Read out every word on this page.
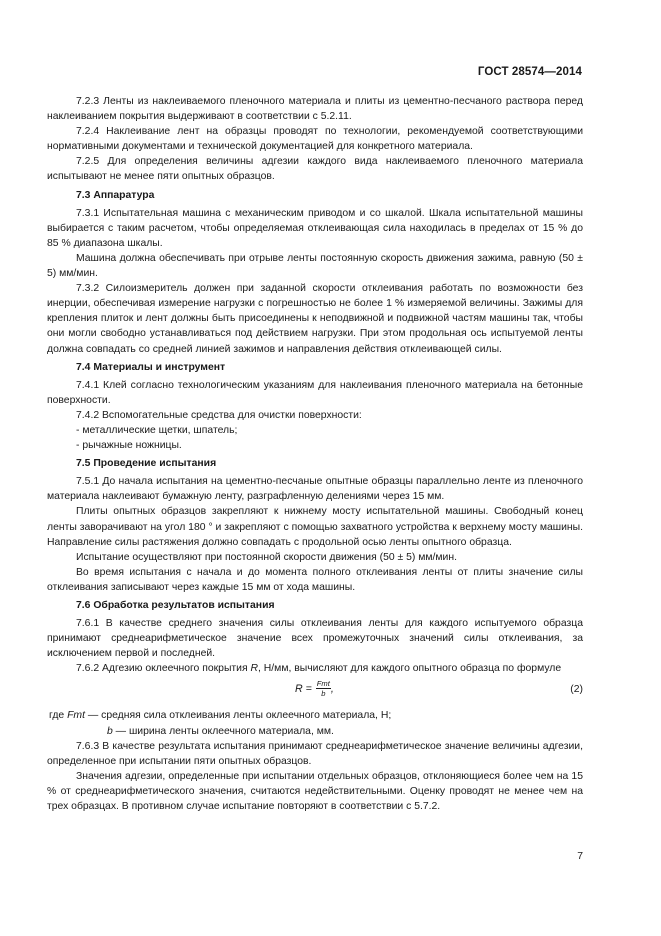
ГОСТ 28574—2014

7.2.3 Ленты из наклеиваемого пленочного материала и плиты из цементно-песчаного раствора перед наклеиванием покрытия выдерживают в соответствии с 5.2.11.

7.2.4 Наклеивание лент на образцы проводят по технологии, рекомендуемой соответствующими нормативными документами и технической документацией для конкретного материала.

7.2.5 Для определения величины адгезии каждого вида наклеиваемого пленочного материала испытывают не менее пяти опытных образцов.

7.3 Аппаратура

7.3.1 Испытательная машина с механическим приводом и со шкалой. Шкала испытательной машины выбирается с таким расчетом, чтобы определяемая отклеивающая сила находилась в пределах от 15 % до 85 % диапазона шкалы.

Машина должна обеспечивать при отрыве ленты постоянную скорость движения зажима, равную (50 ± 5) мм/мин.

7.3.2 Силоизмеритель должен при заданной скорости отклеивания работать по возможности без инерции, обеспечивая измерение нагрузки с погрешностью не более 1 % измеряемой величины. Зажимы для крепления плиток и лент должны быть присоединены к неподвижной и подвижной частям машины так, чтобы они могли свободно устанавливаться под действием нагрузки. При этом продольная ось испытуемой ленты должна совпадать со средней линией зажимов и направления действия отклеивающей силы.

7.4 Материалы и инструмент

7.4.1 Клей согласно технологическим указаниям для наклеивания пленочного материала на бетонные поверхности.

7.4.2 Вспомогательные средства для очистки поверхности:

- металлические щетки, шпатель;

- рычажные ножницы.

7.5 Проведение испытания

7.5.1 До начала испытания на цементно-песчаные опытные образцы параллельно ленте из пленочного материала наклеивают бумажную ленту, разграфленную делениями через 15 мм.

Плиты опытных образцов закрепляют к нижнему мосту испытательной машины. Свободный конец ленты заворачивают на угол 180 ° и закрепляют с помощью захватного устройства к верхнему мосту машины. Направление силы растяжения должно совпадать с продольной осью ленты опытного образца.

Испытание осуществляют при постоянной скорости движения (50 ± 5) мм/мин.

Во время испытания с начала и до момента полного отклеивания ленты от плиты значение силы отклеивания записывают через каждые 15 мм от хода машины.

7.6 Обработка результатов испытания

7.6.1 В качестве среднего значения силы отклеивания ленты для каждого испытуемого образца принимают среднеарифметическое значение всех промежуточных значений силы отклеивания, за исключением первой и последней.

7.6.2 Адгезию оклеечного покрытия R, Н/мм, вычисляют для каждого опытного образца по формуле

$R = \frac{\text{Fmt}}{b}$ ,	(2)

где Fmt — средняя сила отклеивания ленты оклеечного материала, Н;

b — ширина ленты оклеечного материала, мм.

7.6.3 В качестве результата испытания принимают среднеарифметическое значение величины адгезии, определенное при испытании пяти опытных образцов.

Значения адгезии, определенные при испытании отдельных образцов, отклоняющиеся более чем на 15 % от среднеарифметического значения, считаются недействительными. Оценку проводят не менее чем на трех образцах. В противном случае испытание повторяют в соответствии с 5.7.2.

7
